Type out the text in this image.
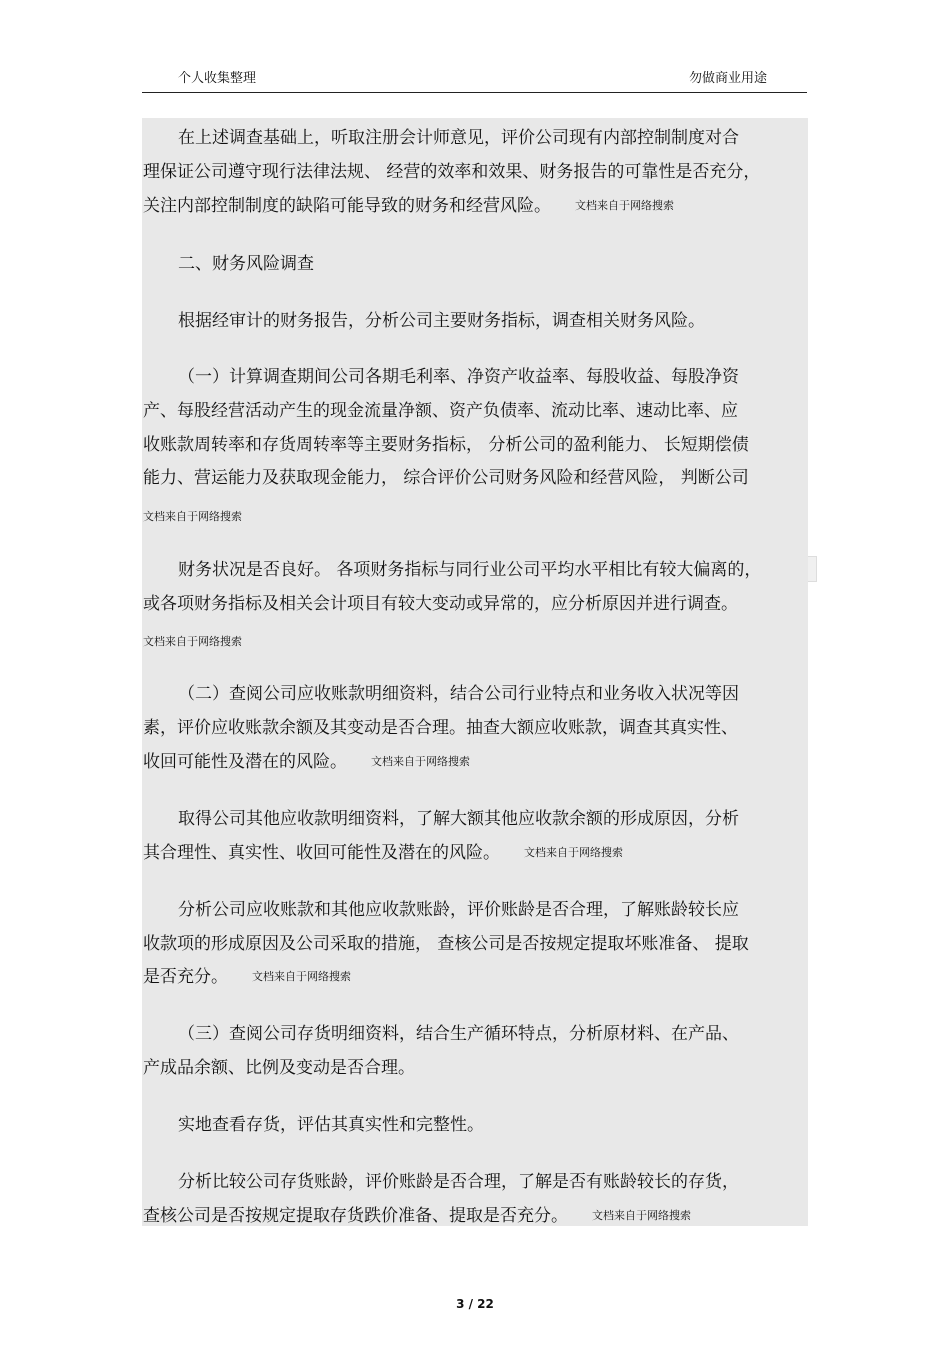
个人收集整理	勿做商业用途
在上述调查基础上，听取注册会计师意见，评价公司现有内部控制制度对合
理保证公司遵守现行法律法规、 经营的效率和效果、财务报告的可靠性是否充分，
关注内部控制制度的缺陷可能导致的财务和经营风险。 文档来自于网络搜索
二、财务风险调查
根据经审计的财务报告，分析公司主要财务指标，调查相关财务风险。
（一）计算调查期间公司各期毛利率、净资产收益率、每股收益、每股净资
产、每股经营活动产生的现金流量净额、资产负债率、流动比率、速动比率、应
收账款周转率和存货周转率等主要财务指标， 分析公司的盈利能力、 长短期偿债
能力、营运能力及获取现金能力， 综合评价公司财务风险和经营风险， 判断公司
文档来自于网络搜索
财务状况是否良好。 各项财务指标与同行业公司平均水平相比有较大偏离的，
或各项财务指标及相关会计项目有较大变动或异常的，应分析原因并进行调查。
文档来自于网络搜索
（二）查阅公司应收账款明细资料，结合公司行业特点和业务收入状况等因
素，评价应收账款余额及其变动是否合理。抽查大额应收账款，调查其真实性、
收回可能性及潜在的风险。 文档来自于网络搜索
取得公司其他应收款明细资料，了解大额其他应收款余额的形成原因，分析
其合理性、真实性、收回可能性及潜在的风险。 文档来自于网络搜索
分析公司应收账款和其他应收款账龄，评价账龄是否合理，了解账龄较长应
收款项的形成原因及公司采取的措施， 查核公司是否按规定提取坏账准备、 提取
是否充分。 文档来自于网络搜索
（三）查阅公司存货明细资料，结合生产循环特点，分析原材料、在产品、
产成品余额、比例及变动是否合理。
实地查看存货，评估其真实性和完整性。
分析比较公司存货账龄，评价账龄是否合理，了解是否有账龄较长的存货，
查核公司是否按规定提取存货跌价准备、提取是否充分。 文档来自于网络搜索
3 / 22
